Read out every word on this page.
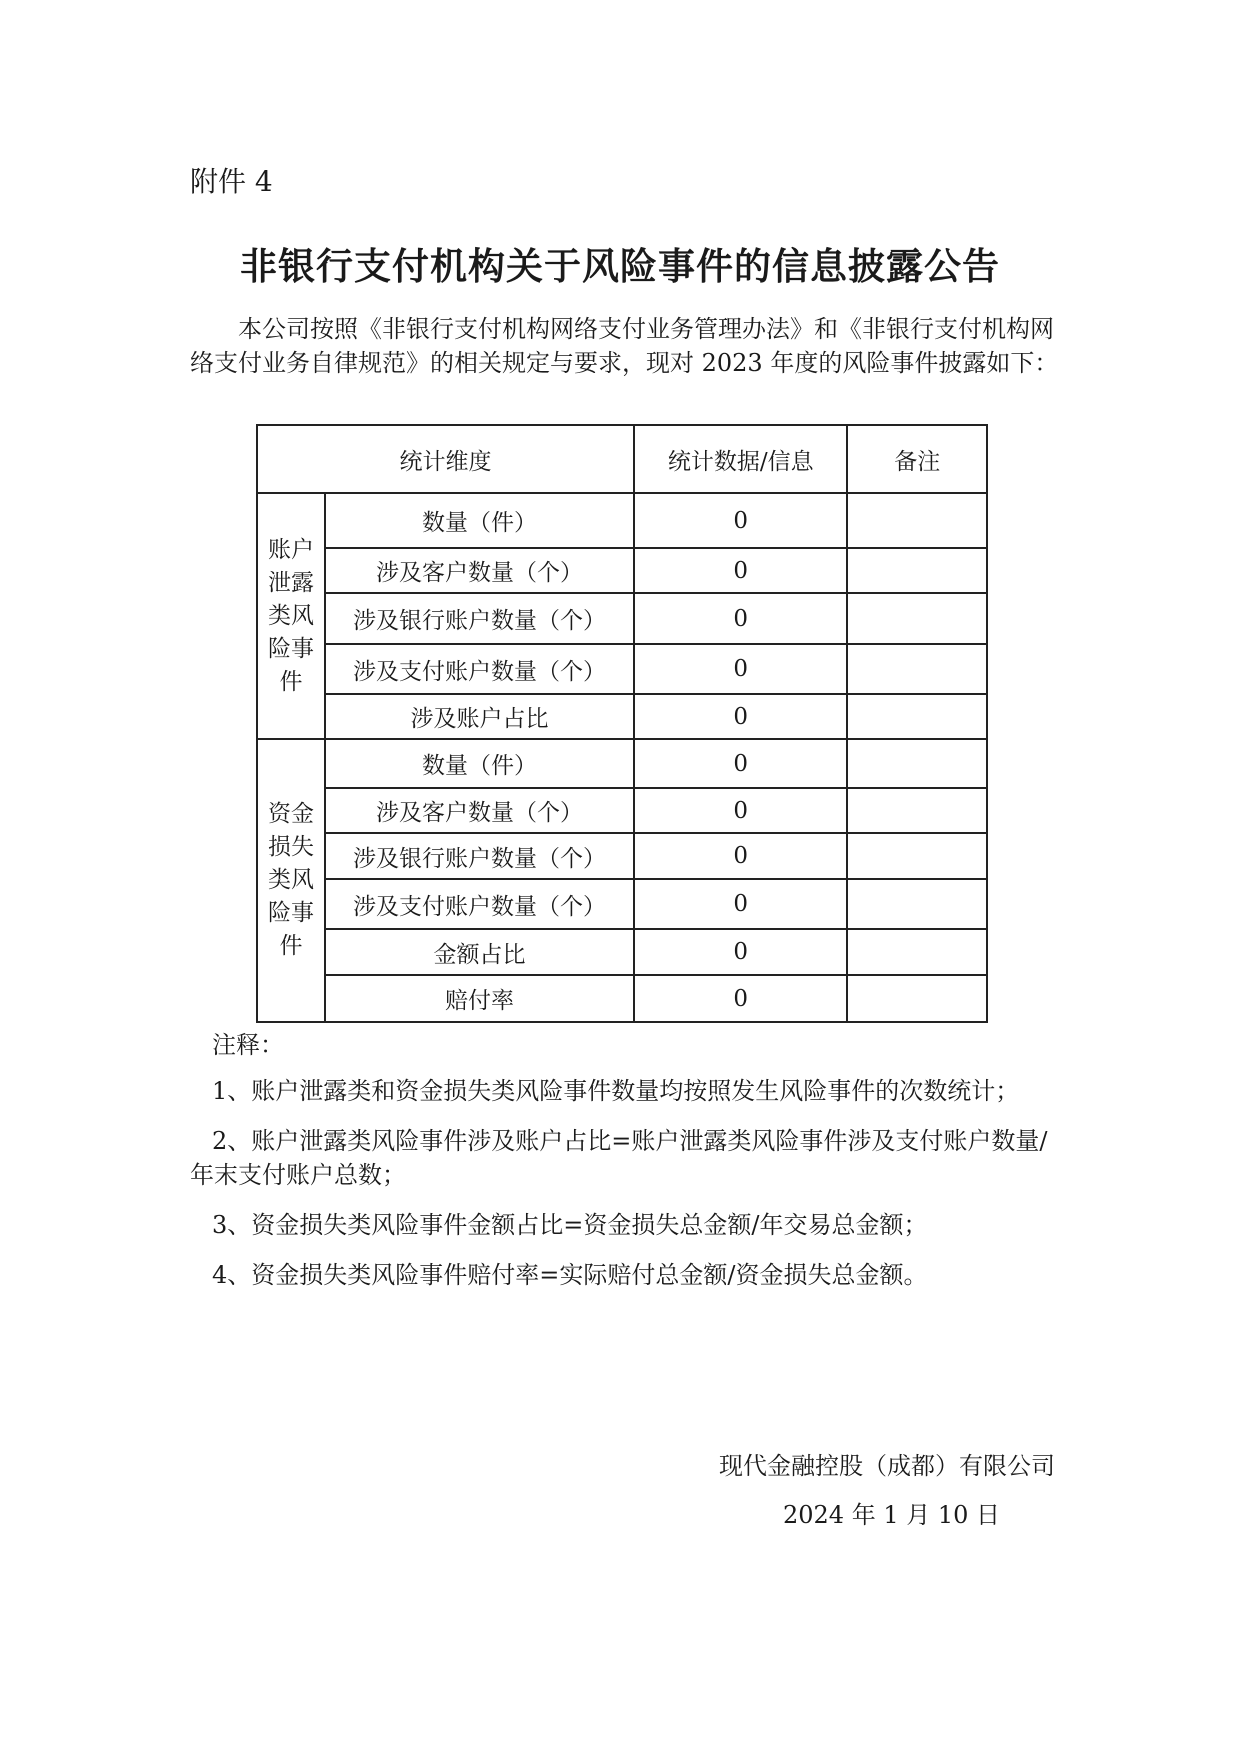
附件 4
非银行支付机构关于风险事件的信息披露公告

本公司按照《非银行支付机构网络支付业务管理办法》和《非银行支付机构网络支付业务自律规范》的相关规定与要求，现对 2023 年度的风险事件披露如下：

统计维度		统计数据/信息	备注

账户泄露类风险事件	数量（件）	0	
	涉及客户数量（个）	0	
	涉及银行账户数量（个）	0	
	涉及支付账户数量（个）	0	
	涉及账户占比	0	

资金损失类风险事件	数量（件）	0	
	涉及客户数量（个）	0	
	涉及银行账户数量（个）	0	
	涉及支付账户数量（个）	0	
	金额占比	0	
	赔付率	0	

注释：

1、账户泄露类和资金损失类风险事件数量均按照发生风险事件的次数统计；

2、账户泄露类风险事件涉及账户占比=账户泄露类风险事件涉及支付账户数量/年末支付账户总数；

3、资金损失类风险事件金额占比=资金损失总金额/年交易总金额；

4、资金损失类风险事件赔付率=实际赔付总金额/资金损失总金额。

现代金融控股（成都）有限公司
2024 年 1 月 10 日
